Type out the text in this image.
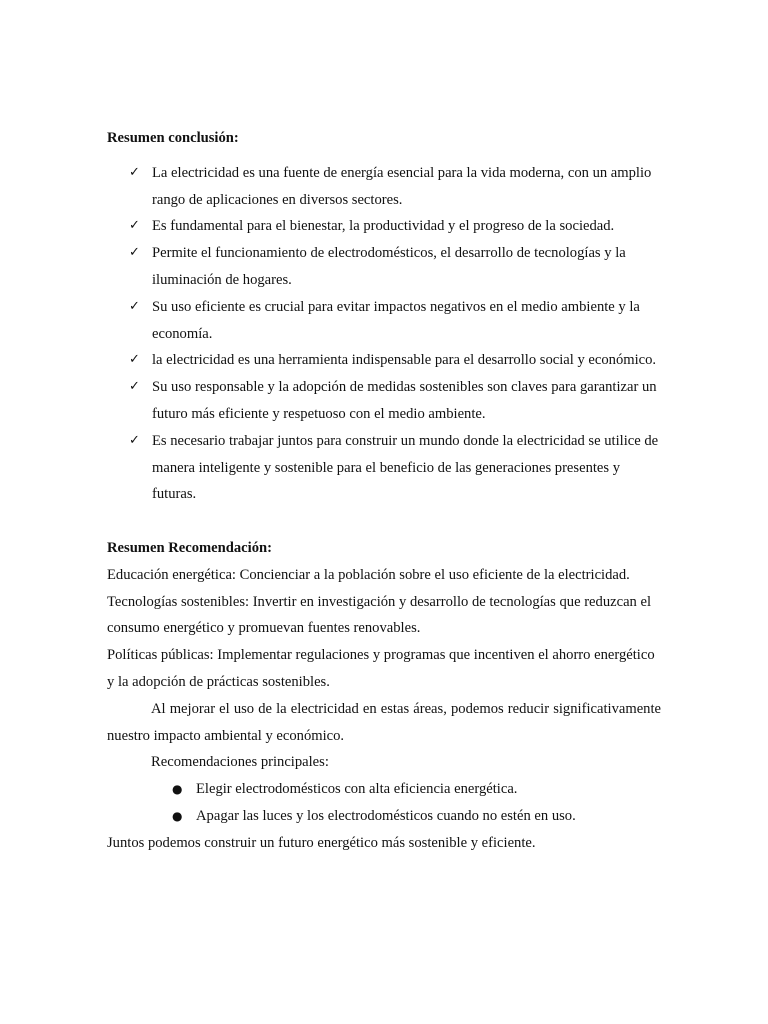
Resumen conclusión:

✓ La electricidad es una fuente de energía esencial para la vida moderna, con un amplio rango de aplicaciones en diversos sectores.
✓ Es fundamental para el bienestar, la productividad y el progreso de la sociedad.
✓ Permite el funcionamiento de electrodomésticos, el desarrollo de tecnologías y la iluminación de hogares.
✓ Su uso eficiente es crucial para evitar impactos negativos en el medio ambiente y la economía.
✓ la electricidad es una herramienta indispensable para el desarrollo social y económico.
✓ Su uso responsable y la adopción de medidas sostenibles son claves para garantizar un futuro más eficiente y respetuoso con el medio ambiente.
✓ Es necesario trabajar juntos para construir un mundo donde la electricidad se utilice de manera inteligente y sostenible para el beneficio de las generaciones presentes y futuras.

Resumen Recomendación:

Educación energética: Concienciar a la población sobre el uso eficiente de la electricidad.

Tecnologías sostenibles: Invertir en investigación y desarrollo de tecnologías que reduzcan el consumo energético y promuevan fuentes renovables.

Políticas públicas: Implementar regulaciones y programas que incentiven el ahorro energético y la adopción de prácticas sostenibles.

Al mejorar el uso de la electricidad en estas áreas, podemos reducir significativamente nuestro impacto ambiental y económico.

Recomendaciones principales:

● Elegir electrodomésticos con alta eficiencia energética.
● Apagar las luces y los electrodomésticos cuando no estén en uso.

Juntos podemos construir un futuro energético más sostenible y eficiente.
